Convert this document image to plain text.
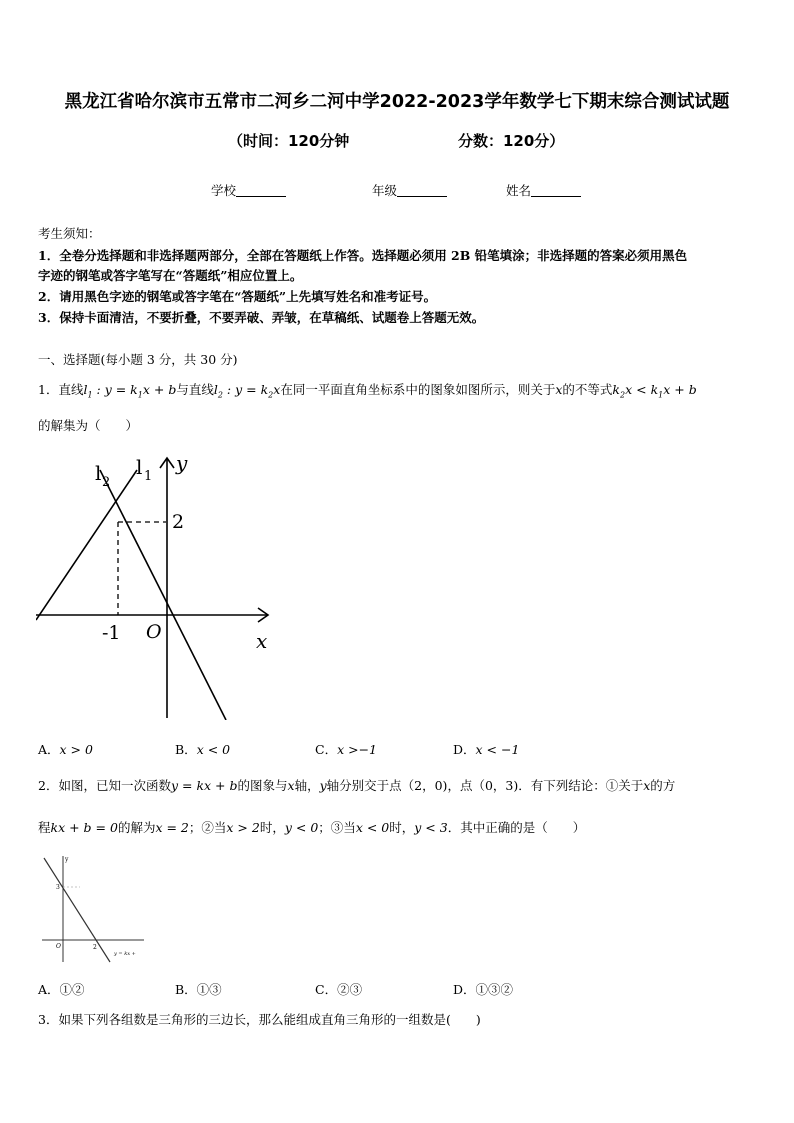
黑龙江省哈尔滨市五常市二河乡二河中学2022-2023学年数学七下期末综合测试试题
（时间：120分钟	分数：120分）
学校	年级	姓名
考生须知：
1．全卷分选择题和非选择题两部分，全部在答题纸上作答。选择题必须用 2B 铅笔填涂；非选择题的答案必须用黑色
字迹的钢笔或答字笔写在“答题纸”相应位置上。
2．请用黑色字迹的钢笔或答字笔在“答题纸”上先填写姓名和准考证号。
3．保持卡面清洁，不要折叠，不要弄破、弄皱，在草稿纸、试题卷上答题无效。
一、选择题(每小题 3 分，共 30 分)
1．直线$l_1$ : $y = k_1x + b$与直线$l_2$ : $y = k_2x$在同一平面直角坐标系中的图象如图所示，则关于x的不等式$k_2x < k_1x + b$
的解集为（　　）
l 2
l 1
y
2
-1 O	x
A．x > 0	B．x < 0	C．x >−1	D．x < −1
2．如图，已知一次函数y = kx + b的图象与x轴，y轴分别交于点（2，0)，点（0，3)．有下列结论：①关于x的方
程kx + b = 0的解为x = 2；②当x > 2时，y < 0；③当x < 0时，y < 3．其中正确的是（　　）
y
3
O	2
y = kx +
A．①②	B．①③	C．②③	D．①③②
3．如果下列各组数是三角形的三边长，那么能组成直角三角形的一组数是(　　)
